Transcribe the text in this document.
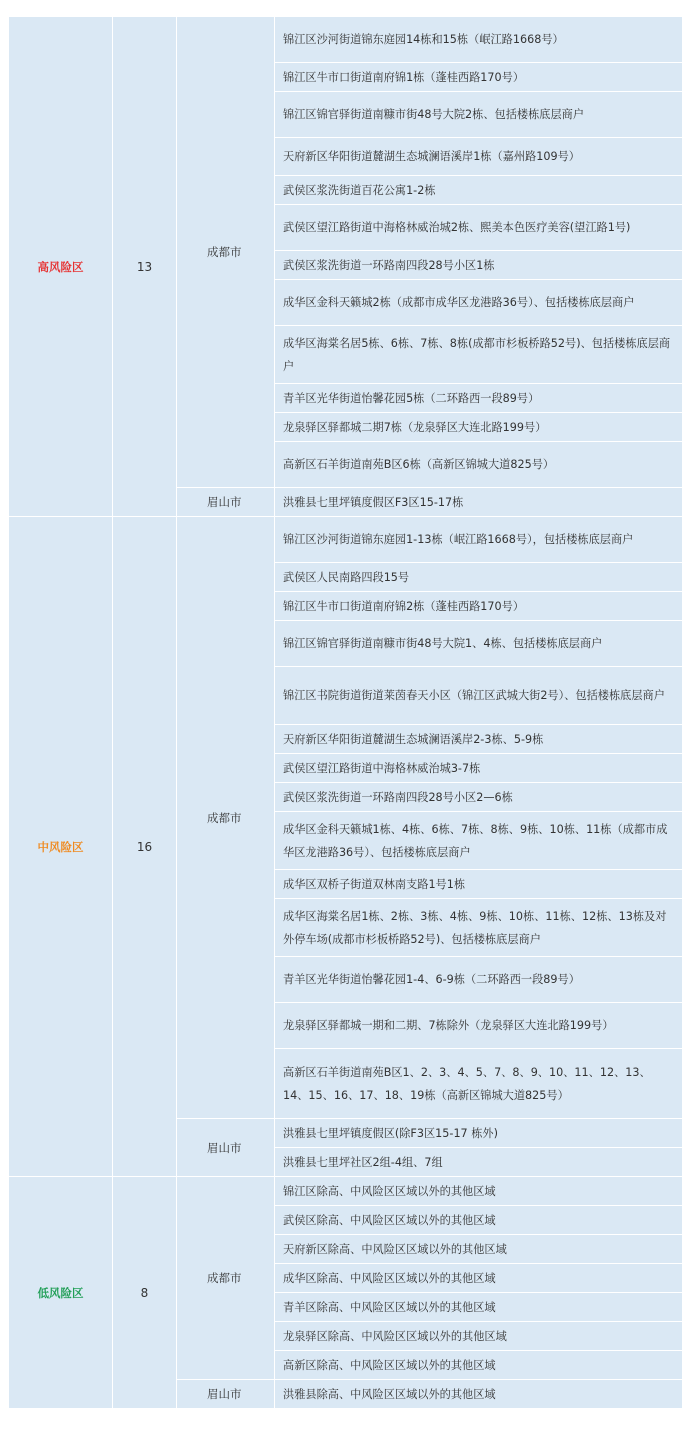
高风险区	13	成都市	锦江区沙河街道锦东庭园14栋和15栋（岷江路1668号）
			锦江区牛市口街道南府锦1栋（蓬桂西路170号）
			锦江区锦官驿街道南糠市街48号大院2栋、包括楼栋底层商户
			天府新区华阳街道麓湖生态城澜语溪岸1栋（嘉州路109号）
			武侯区浆洗街道百花公寓1-2栋
			武侯区望江路街道中海格林威治城2栋、熙美本色医疗美容(望江路1号)
			武侯区浆洗街道一环路南四段28号小区1栋
			成华区金科天籁城2栋（成都市成华区龙港路36号）、包括楼栋底层商户
			成华区海棠名居5栋、6栋、7栋、8栋(成都市杉板桥路52号)、包括楼栋底层商户
			青羊区光华街道怡馨花园5栋（二环路西一段89号）
			龙泉驿区驿都城二期7栋（龙泉驿区大连北路199号）
			高新区石羊街道南苑B区6栋（高新区锦城大道825号）
		眉山市	洪雅县七里坪镇度假区F3区15-17栋
中风险区	16	成都市	锦江区沙河街道锦东庭园1-13栋（岷江路1668号），包括楼栋底层商户
			武侯区人民南路四段15号
			锦江区牛市口街道南府锦2栋（蓬桂西路170号）
			锦江区锦官驿街道南糠市街48号大院1、4栋、包括楼栋底层商户
			锦江区书院街道街道莱茵春天小区（锦江区武城大街2号）、包括楼栋底层商户
			天府新区华阳街道麓湖生态城澜语溪岸2-3栋、5-9栋
			武侯区望江路街道中海格林威治城3-7栋
			武侯区浆洗街道一环路南四段28号小区2—6栋
			成华区金科天籁城1栋、4栋、6栋、7栋、8栋、9栋、10栋、11栋（成都市成华区龙港路36号）、包括楼栋底层商户
			成华区双桥子街道双林南支路1号1栋
			成华区海棠名居1栋、2栋、3栋、4栋、9栋、10栋、11栋、12栋、13栋及对外停车场(成都市杉板桥路52号)、包括楼栋底层商户
			青羊区光华街道怡馨花园1-4、6-9栋（二环路西一段89号）
			龙泉驿区驿都城一期和二期、7栋除外（龙泉驿区大连北路199号）
			高新区石羊街道南苑B区1、2、3、4、5、7、8、9、10、11、12、13、14、15、16、17、18、19栋（高新区锦城大道825号）
		眉山市	洪雅县七里坪镇度假区(除F3区15-17 栋外)
			洪雅县七里坪社区2组-4组、7组
低风险区	8	成都市	锦江区除高、中风险区区域以外的其他区域
			武侯区除高、中风险区区域以外的其他区域
			天府新区除高、中风险区区域以外的其他区域
			成华区除高、中风险区区域以外的其他区域
			青羊区除高、中风险区区域以外的其他区域
			龙泉驿区除高、中风险区区域以外的其他区域
			高新区除高、中风险区区域以外的其他区域
		眉山市	洪雅县除高、中风险区区域以外的其他区域
